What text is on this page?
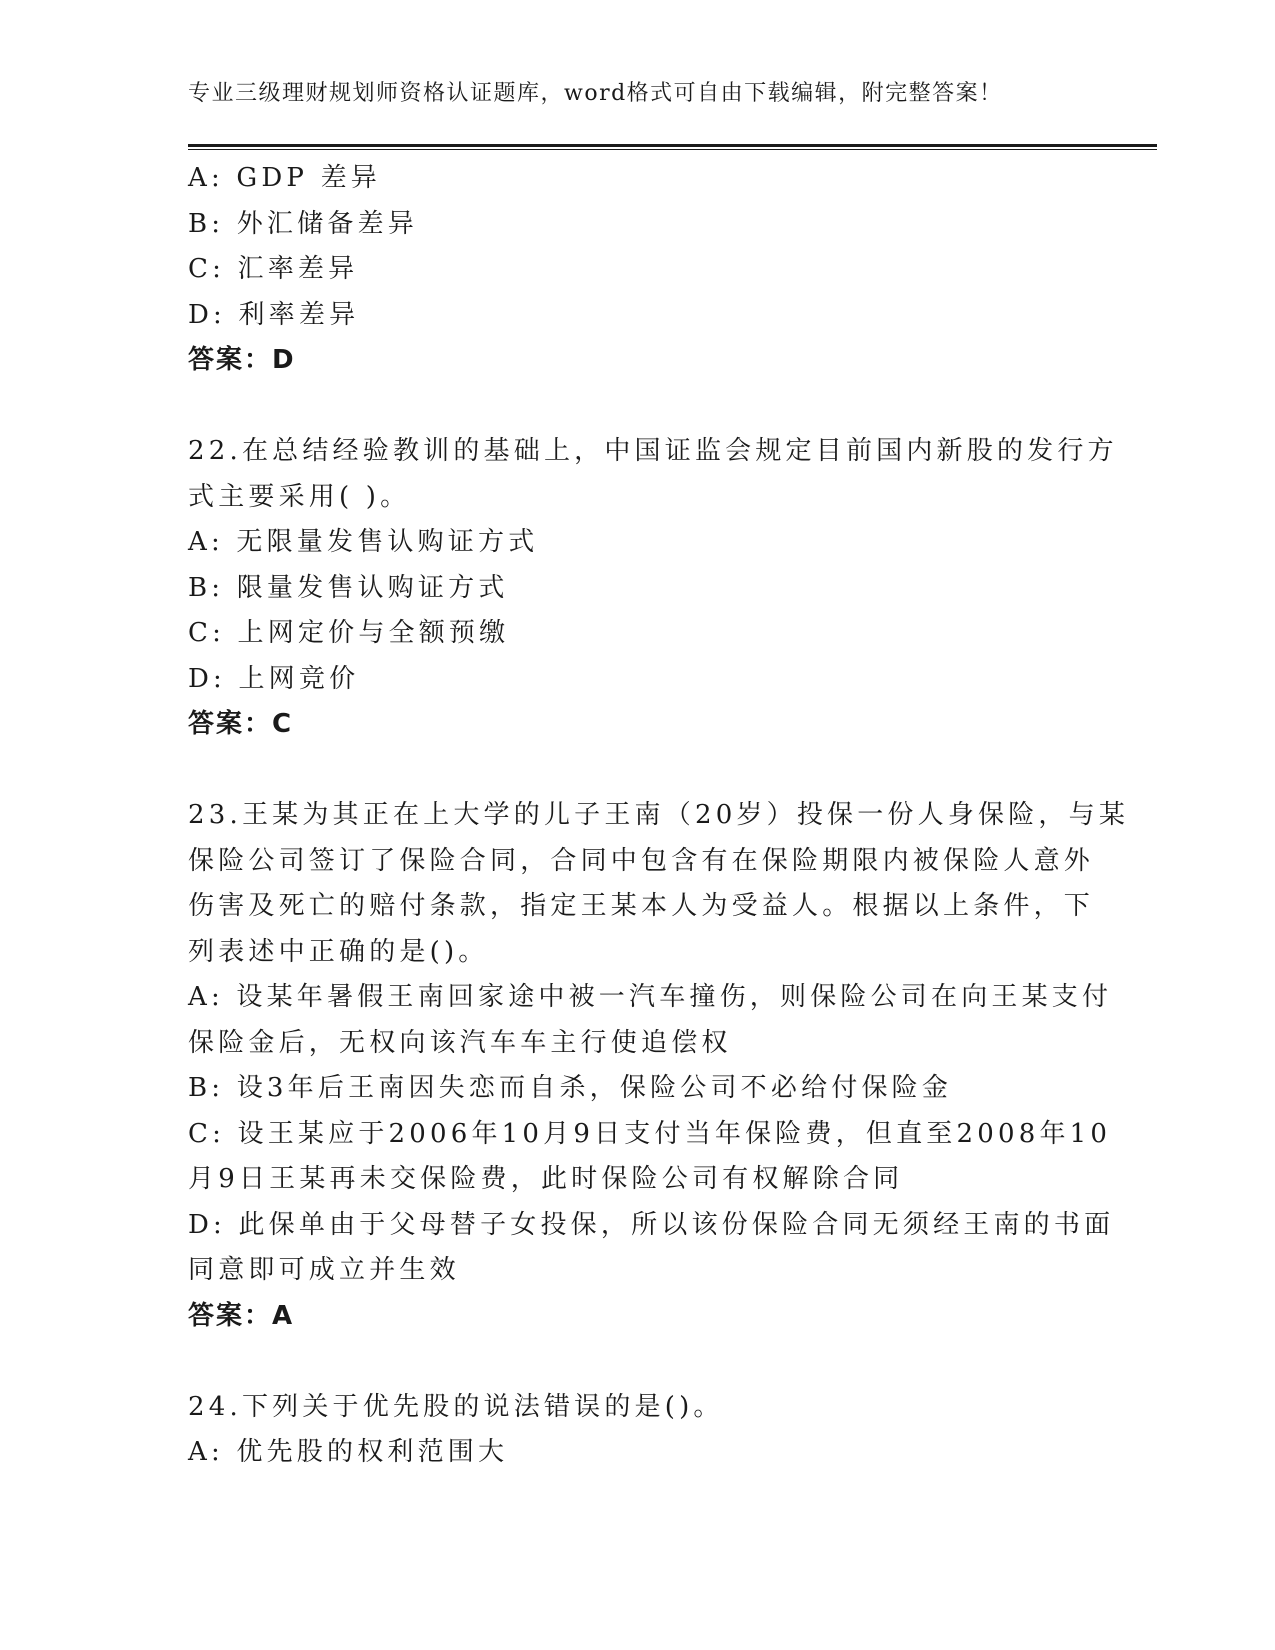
专业三级理财规划师资格认证题库，word格式可自由下载编辑，附完整答案！
A: GDP 差异
B: 外汇储备差异
C: 汇率差异
D: 利率差异
答案：D
22.在总结经验教训的基础上，中国证监会规定目前国内新股的发行方
式主要采用( )。
A: 无限量发售认购证方式
B: 限量发售认购证方式
C: 上网定价与全额预缴
D: 上网竞价
答案：C
23.王某为其正在上大学的儿子王南（20岁）投保一份人身保险，与某
保险公司签订了保险合同，合同中包含有在保险期限内被保险人意外
伤害及死亡的赔付条款，指定王某本人为受益人。根据以上条件，下
列表述中正确的是()。
A: 设某年暑假王南回家途中被一汽车撞伤，则保险公司在向王某支付
保险金后，无权向该汽车车主行使追偿权
B: 设3年后王南因失恋而自杀，保险公司不必给付保险金
C: 设王某应于2006年10月9日支付当年保险费，但直至2008年10
月9日王某再未交保险费，此时保险公司有权解除合同
D: 此保单由于父母替子女投保，所以该份保险合同无须经王南的书面
同意即可成立并生效
答案：A
24.下列关于优先股的说法错误的是()。
A: 优先股的权利范围大
